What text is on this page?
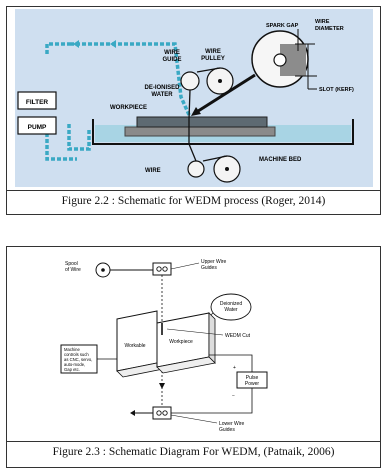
FILTER
PUMP
WIRE GUIDE
WIRE PULLEY
DE-IONISED WATER
WORKPIECE
SPARK GAP
WIRE DIAMETER
SLOT (KERF)
MACHINE BED
WIRE
Figure 2.2 : Schematic for WEDM process (Roger, 2014)
Spool of Wire
Upper Wire Guides
Deionized Water
Workable
Workpiece
WEDM Cut
Machine controls such as CNC, servo, auto-mode, Gap etc.
Lower Wire Guides
Pulse Power
+
−
Figure 2.3 : Schematic Diagram For WEDM, (Patnaik, 2006)
